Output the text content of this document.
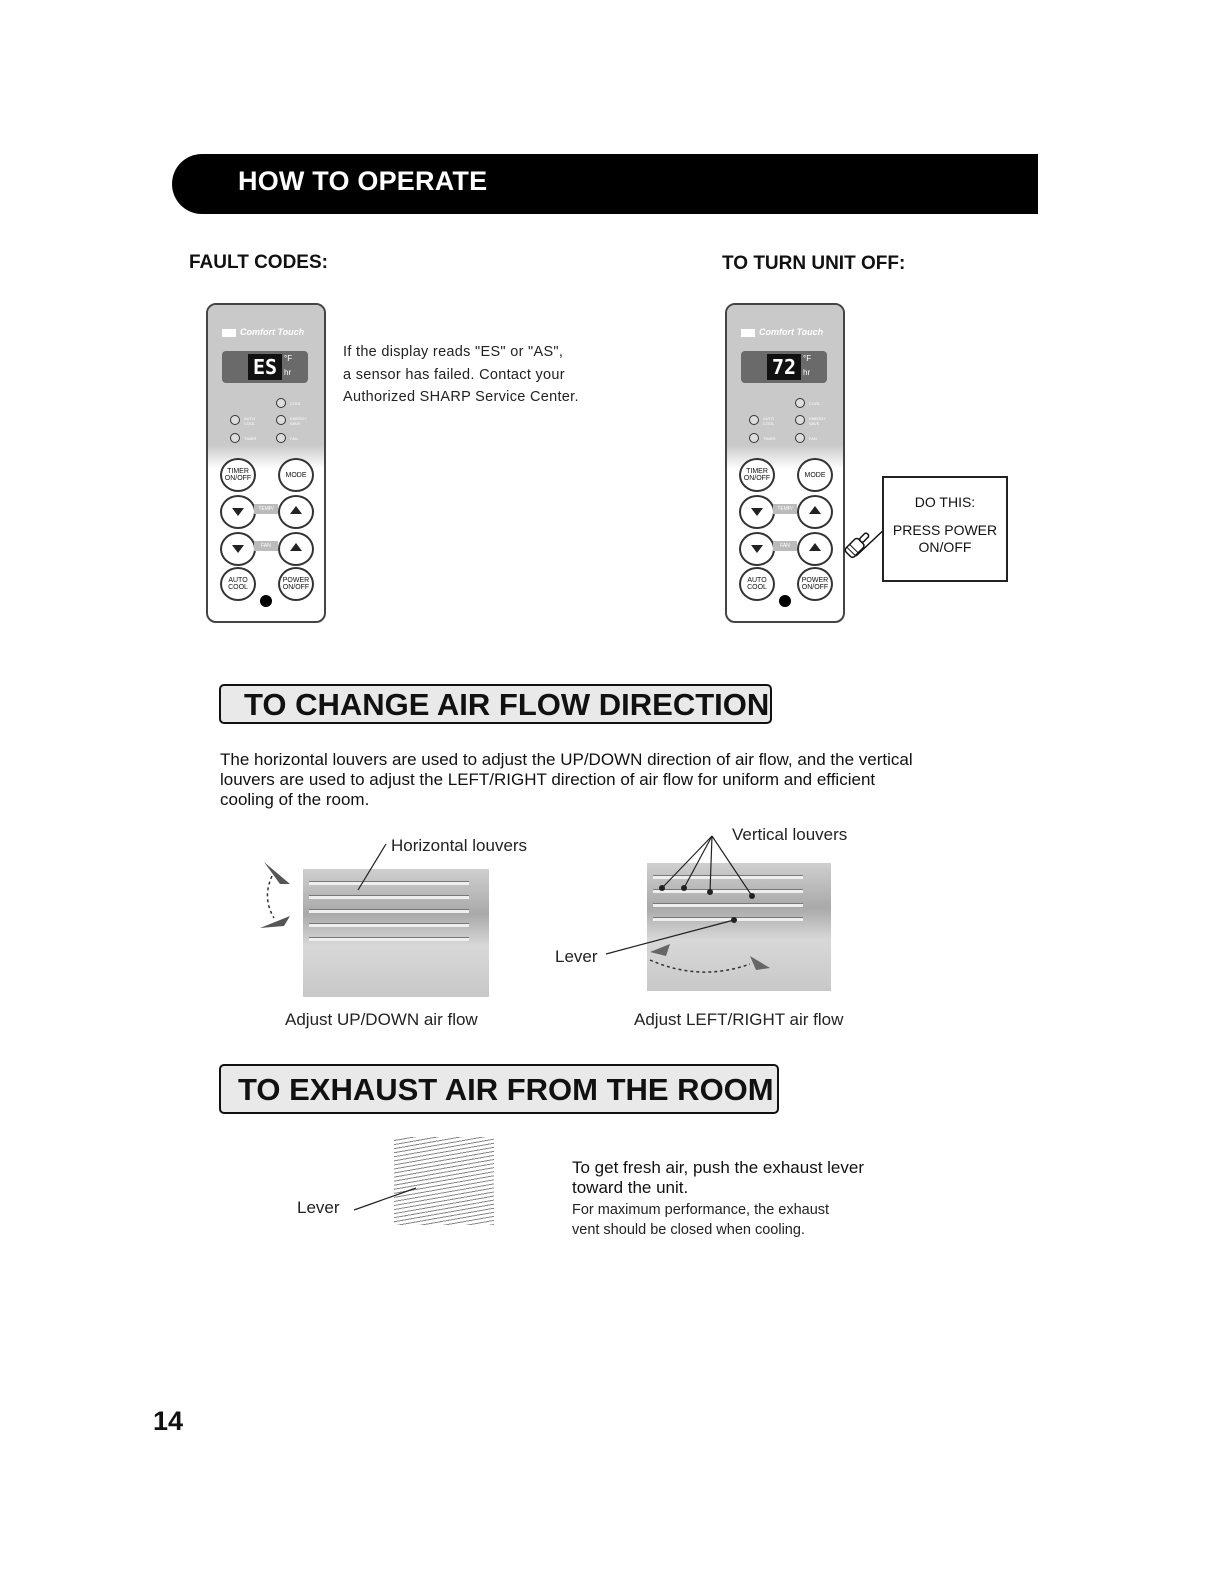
HOW TO OPERATE
FAULT CODES:	TO TURN UNIT OFF:
Comfort Touch
ES °F
hr
COOL
AUTO COOL
ENERGY SAVE
TIMER	FAN
TIMER ON/OFF	MODE
TEMP/ TIMER
FAN
AUTO COOL
POWER ON/OFF
If the display reads "ES" or "AS",
a sensor has failed. Contact your
Authorized SHARP Service Center.
Comfort Touch
72 °F
hr
COOL
AUTO COOL
ENERGY SAVE
TIMER	FAN
TIMER ON/OFF	MODE
TEMP/ TIMER
FAN
AUTO COOL
POWER ON/OFF
DO THIS:
PRESS POWER
ON/OFF
TO CHANGE AIR FLOW DIRECTION
The horizontal louvers are used to adjust the UP/DOWN direction of air flow, and the vertical
louvers are used to adjust the LEFT/RIGHT direction of air flow for uniform and efficient
cooling of the room.
Horizontal louvers
Adjust UP/DOWN air flow
Vertical louvers
Lever
Adjust LEFT/RIGHT air flow
TO EXHAUST AIR FROM THE ROOM
Lever
To get fresh air, push the exhaust lever
toward the unit.
For maximum performance, the exhaust
vent should be closed when cooling.
14
